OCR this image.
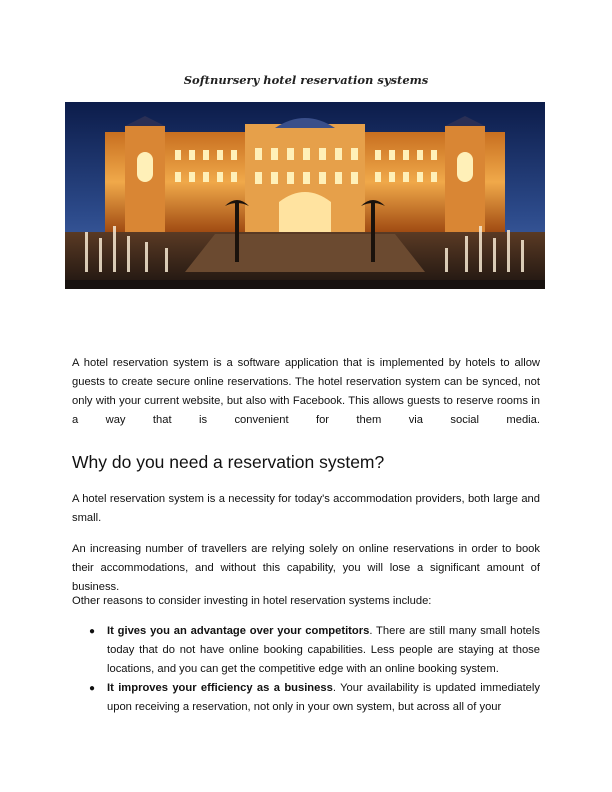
Softnursery hotel reservation systems

A hotel reservation system is a software application that is implemented by hotels to allow guests to create secure online reservations. The hotel reservation system can be synced, not only with your current website, but also with Facebook. This allows guests to reserve rooms in a way that is convenient for them via social media.

Why do you need a reservation system?

A hotel reservation system is a necessity for today's accommodation providers, both large and small.

An increasing number of travellers are relying solely on online reservations in order to book their accommodations, and without this capability, you will lose a significant amount of business.

Other reasons to consider investing in hotel reservation systems include:

● It gives you an advantage over your competitors. There are still many small hotels today that do not have online booking capabilities. Less people are staying at those locations, and you can get the competitive edge with an online booking system.
● It improves your efficiency as a business. Your availability is updated immediately upon receiving a reservation, not only in your own system, but across all of your
